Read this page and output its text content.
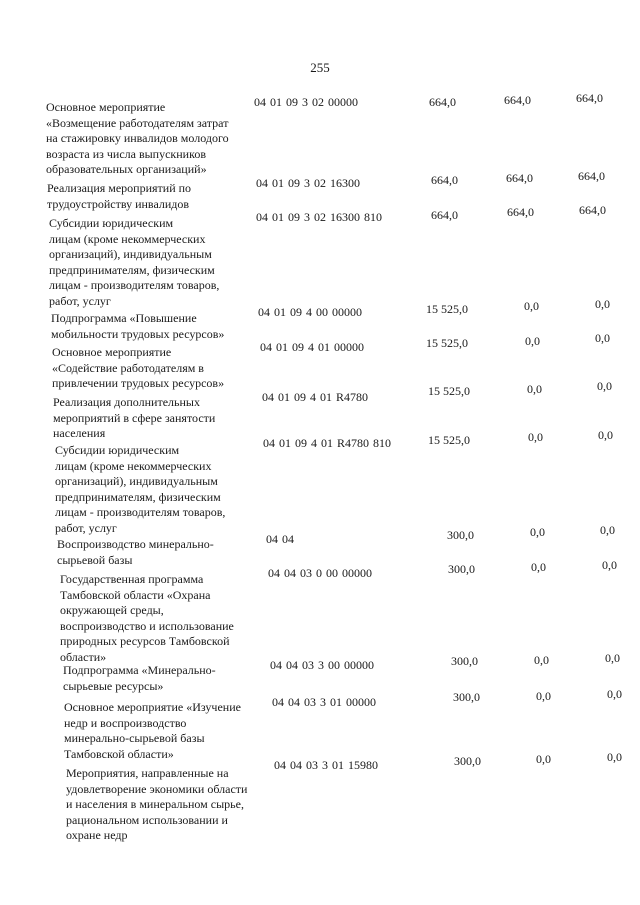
255
Основное мероприятие
«Возмещение работодателям затрат
на стажировку инвалидов молодого
возраста из числа выпускников
образовательных организаций»
04 01 09 3 02 00000	664,0	664,0	664,0
Реализация мероприятий по
трудоустройству инвалидов
04 01 09 3 02 16300	664,0	664,0	664,0
Субсидии юридическим
лицам (кроме некоммерческих
организаций), индивидуальным
предпринимателям, физическим
лицам - производителям товаров,
работ, услуг
04 01 09 3 02 16300 810	664,0	664,0	664,0
Подпрограмма «Повышение
мобильности трудовых ресурсов»
04 01 09 4 00 00000	15 525,0	0,0	0,0
Основное мероприятие
«Содействие работодателям в
привлечении трудовых ресурсов»
04 01 09 4 01 00000	15 525,0	0,0	0,0
Реализация дополнительных
мероприятий в сфере занятости
населения
04 01 09 4 01 R4780	15 525,0	0,0	0,0
Субсидии юридическим
лицам (кроме некоммерческих
организаций), индивидуальным
предпринимателям, физическим
лицам - производителям товаров,
работ, услуг
04 01 09 4 01 R4780 810	15 525,0	0,0	0,0
Воспроизводство минерально-
сырьевой базы
04 04	300,0	0,0	0,0
Государственная программа
Тамбовской области «Охрана
окружающей среды,
воспроизводство и использование
природных ресурсов Тамбовской
области»
04 04 03 0 00 00000	300,0	0,0	0,0
Подпрограмма «Минерально-
сырьевые ресурсы»
04 04 03 3 00 00000	300,0	0,0	0,0
Основное мероприятие «Изучение
недр и воспроизводство
минерально-сырьевой базы
Тамбовской области»
04 04 03 3 01 00000	300,0	0,0	0,0
Мероприятия, направленные на
удовлетворение экономики области
и населения в минеральном сырье,
рациональном использовании и
охране недр
04 04 03 3 01 15980	300,0	0,0	0,0
